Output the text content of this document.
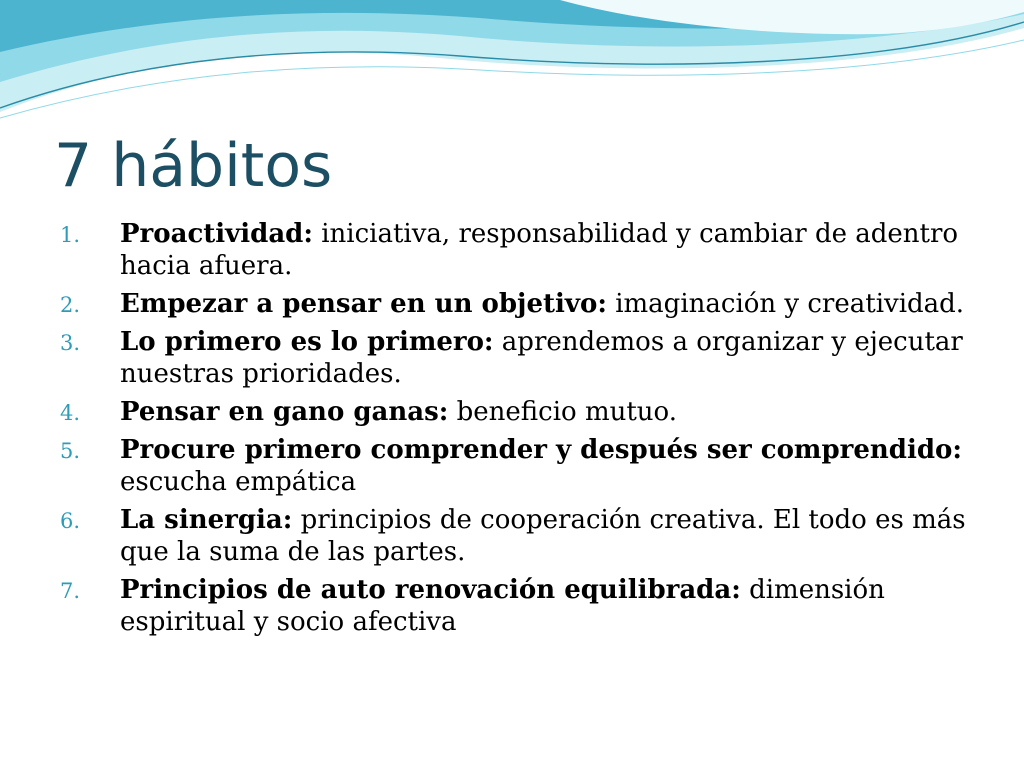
7 hábitos
1. Proactividad: iniciativa, responsabilidad y cambiar de adentro hacia afuera.
2. Empezar a pensar en un objetivo: imaginación y creatividad.
3. Lo primero es lo primero: aprendemos a organizar y ejecutar nuestras prioridades.
4. Pensar en gano ganas: beneficio mutuo.
5. Procure primero comprender y después ser comprendido: escucha empática
6. La sinergia: principios de cooperación creativa. El todo es más que la suma de las partes.
7. Principios de auto renovación equilibrada: dimensión espiritual y socio afectiva
